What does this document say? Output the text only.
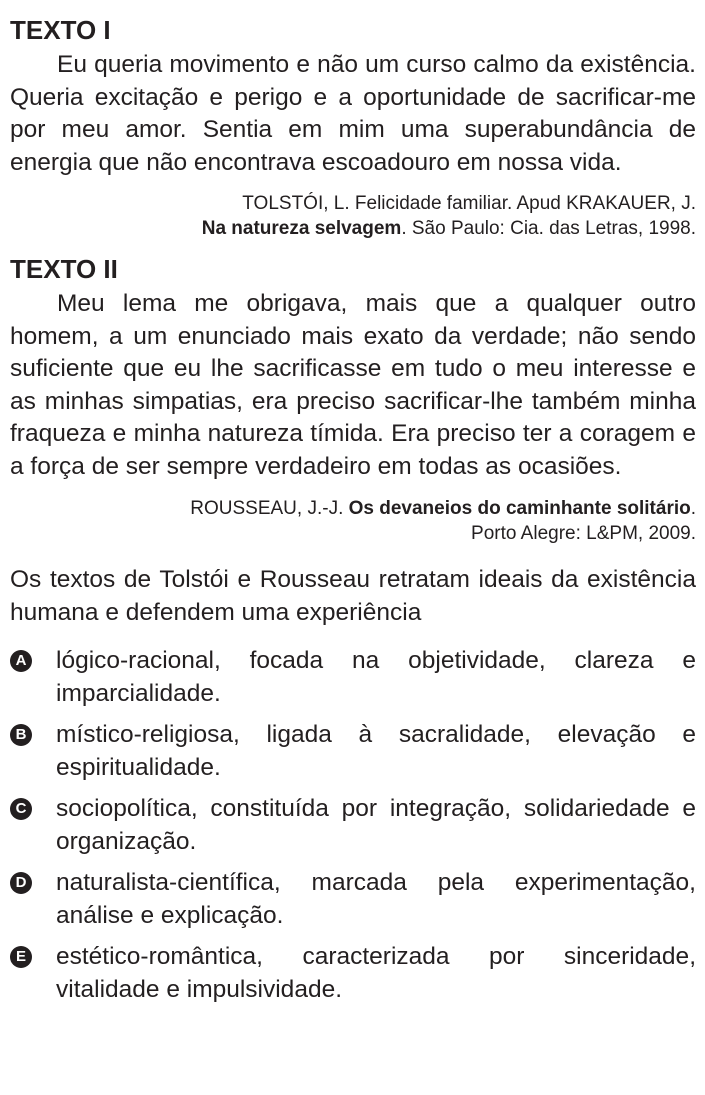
TEXTO I

Eu queria movimento e não um curso calmo da existência. Queria excitação e perigo e a oportunidade de sacrificar-me por meu amor. Sentia em mim uma superabundância de energia que não encontrava escoadouro em nossa vida.

TOLSTÓI, L. Felicidade familiar. Apud KRAKAUER, J.
Na natureza selvagem. São Paulo: Cia. das Letras, 1998.

TEXTO II

Meu lema me obrigava, mais que a qualquer outro homem, a um enunciado mais exato da verdade; não sendo suficiente que eu lhe sacrificasse em tudo o meu interesse e as minhas simpatias, era preciso sacrificar-lhe também minha fraqueza e minha natureza tímida. Era preciso ter a coragem e a força de ser sempre verdadeiro em todas as ocasiões.

ROUSSEAU, J.-J. Os devaneios do caminhante solitário.
Porto Alegre: L&PM, 2009.

Os textos de Tolstói e Rousseau retratam ideais da existência humana e defendem uma experiência

A lógico-racional, focada na objetividade, clareza e imparcialidade.
B místico-religiosa, ligada à sacralidade, elevação e espiritualidade.
C sociopolítica, constituída por integração, solidariedade e organização.
D naturalista-científica, marcada pela experimentação, análise e explicação.
E estético-romântica, caracterizada por sinceridade, vitalidade e impulsividade.
